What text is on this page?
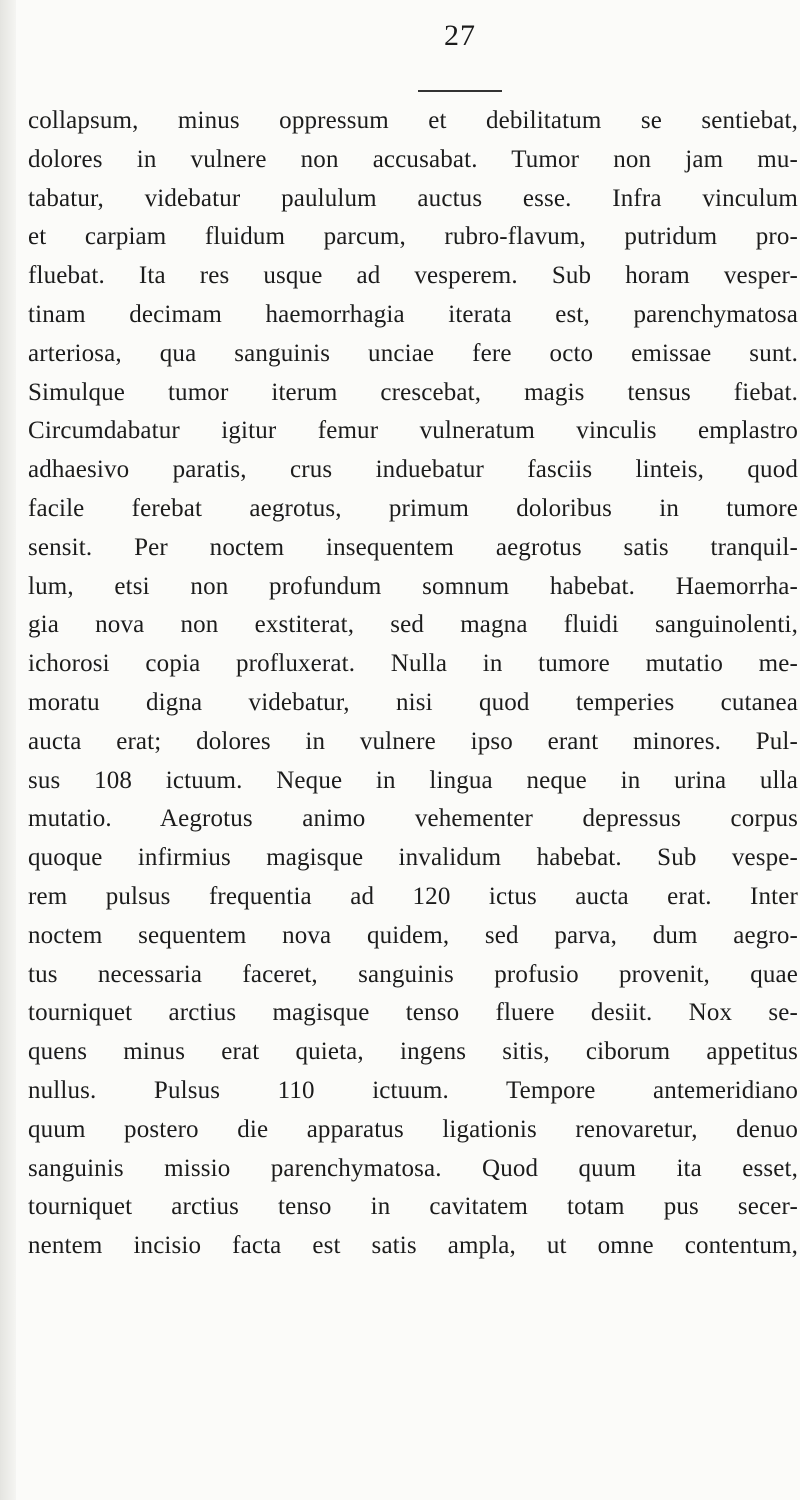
27
collapsum, minus oppressum et debilitatum se sentiebat,
dolores in vulnere non accusabat. Tumor non jam mu-
tabatur, videbatur paululum auctus esse. Infra vinculum
et carpiam fluidum parcum, rubro-flavum, putridum pro-
fluebat. Ita res usque ad vesperem. Sub horam vesper-
tinam decimam haemorrhagia iterata est, parenchymatosa
arteriosa, qua sanguinis unciae fere octo emissae sunt.
Simulque tumor iterum crescebat, magis tensus fiebat.
Circumdabatur igitur femur vulneratum vinculis emplastro
adhaesivo paratis, crus induebatur fasciis linteis, quod
facile ferebat aegrotus, primum doloribus in tumore
sensit. Per noctem insequentem aegrotus satis tranquil-
lum, etsi non profundum somnum habebat. Haemorrha-
gia nova non exstiterat, sed magna fluidi sanguinolenti,
ichorosi copia profluxerat. Nulla in tumore mutatio me-
moratu digna videbatur, nisi quod temperies cutanea
aucta erat; dolores in vulnere ipso erant minores. Pul-
sus 108 ictuum. Neque in lingua neque in urina ulla
mutatio. Aegrotus animo vehementer depressus corpus
quoque infirmius magisque invalidum habebat. Sub vespe-
rem pulsus frequentia ad 120 ictus aucta erat. Inter
noctem sequentem nova quidem, sed parva, dum aegro-
tus necessaria faceret, sanguinis profusio provenit, quae
tourniquet arctius magisque tenso fluere desiit. Nox se-
quens minus erat quieta, ingens sitis, ciborum appetitus
nullus. Pulsus 110 ictuum. Tempore antemeridiano
quum postero die apparatus ligationis renovaretur, denuo
sanguinis missio parenchymatosa. Quod quum ita esset,
tourniquet arctius tenso in cavitatem totam pus secer-
nentem incisio facta est satis ampla, ut omne contentum,
